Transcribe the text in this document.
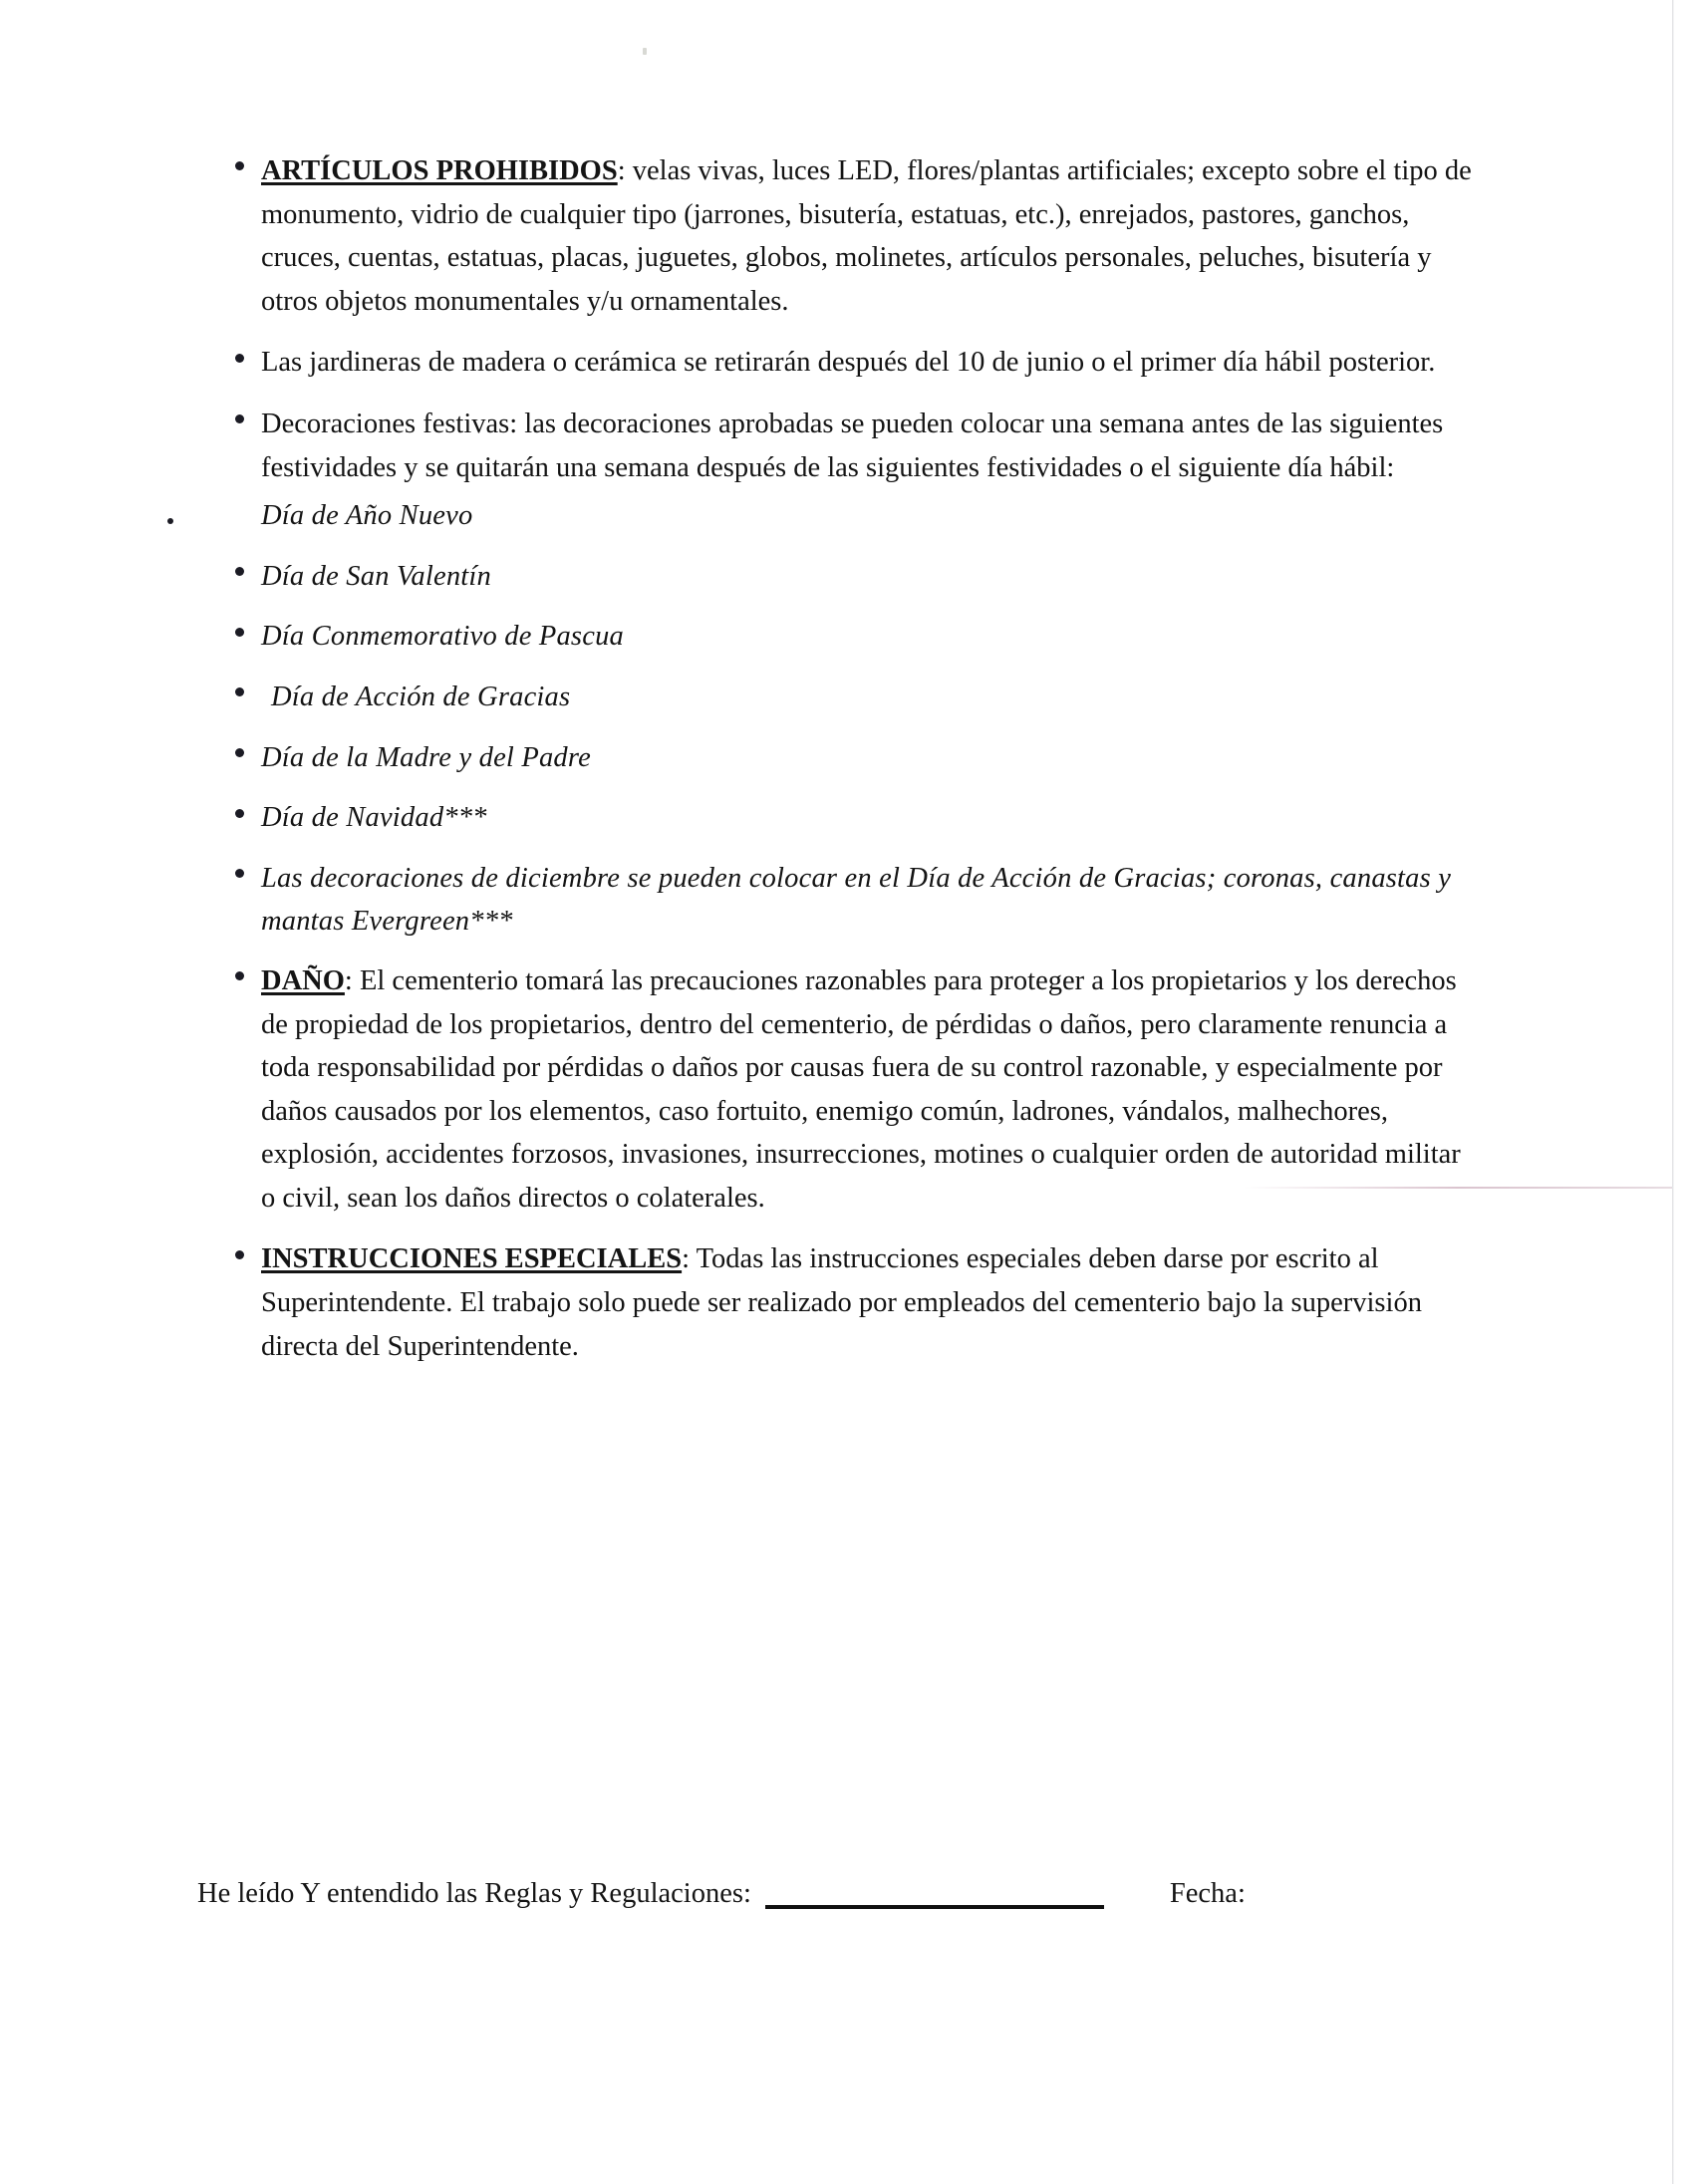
ARTÍCULOS PROHIBIDOS: velas vivas, luces LED, flores/plantas artificiales; excepto sobre el tipo de monumento, vidrio de cualquier tipo (jarrones, bisutería, estatuas, etc.), enrejados, pastores, ganchos, cruces, cuentas, estatuas, placas, juguetes, globos, molinetes, artículos personales, peluches, bisutería y otros objetos monumentales y/u ornamentales.
Las jardineras de madera o cerámica se retirarán después del 10 de junio o el primer día hábil posterior.
Decoraciones festivas: las decoraciones aprobadas se pueden colocar una semana antes de las siguientes festividades y se quitarán una semana después de las siguientes festividades o el siguiente día hábil:
Día de Año Nuevo
Día de San Valentín
Día Conmemorativo de Pascua
Día de Acción de Gracias
Día de la Madre y del Padre
Día de Navidad***
Las decoraciones de diciembre se pueden colocar en el Día de Acción de Gracias; coronas, canastas y mantas Evergreen***
DAÑO: El cementerio tomará las precauciones razonables para proteger a los propietarios y los derechos de propiedad de los propietarios, dentro del cementerio, de pérdidas o daños, pero claramente renuncia a toda responsabilidad por pérdidas o daños por causas fuera de su control razonable, y especialmente por daños causados por los elementos, caso fortuito, enemigo común, ladrones, vándalos, malhechores, explosión, accidentes forzosos, invasiones, insurrecciones, motines o cualquier orden de autoridad militar o civil, sean los daños directos o colaterales.
INSTRUCCIONES ESPECIALES: Todas las instrucciones especiales deben darse por escrito al Superintendente. El trabajo solo puede ser realizado por empleados del cementerio bajo la supervisión directa del Superintendente.
He leído Y entendido las Reglas y Regulaciones:	Fecha:
